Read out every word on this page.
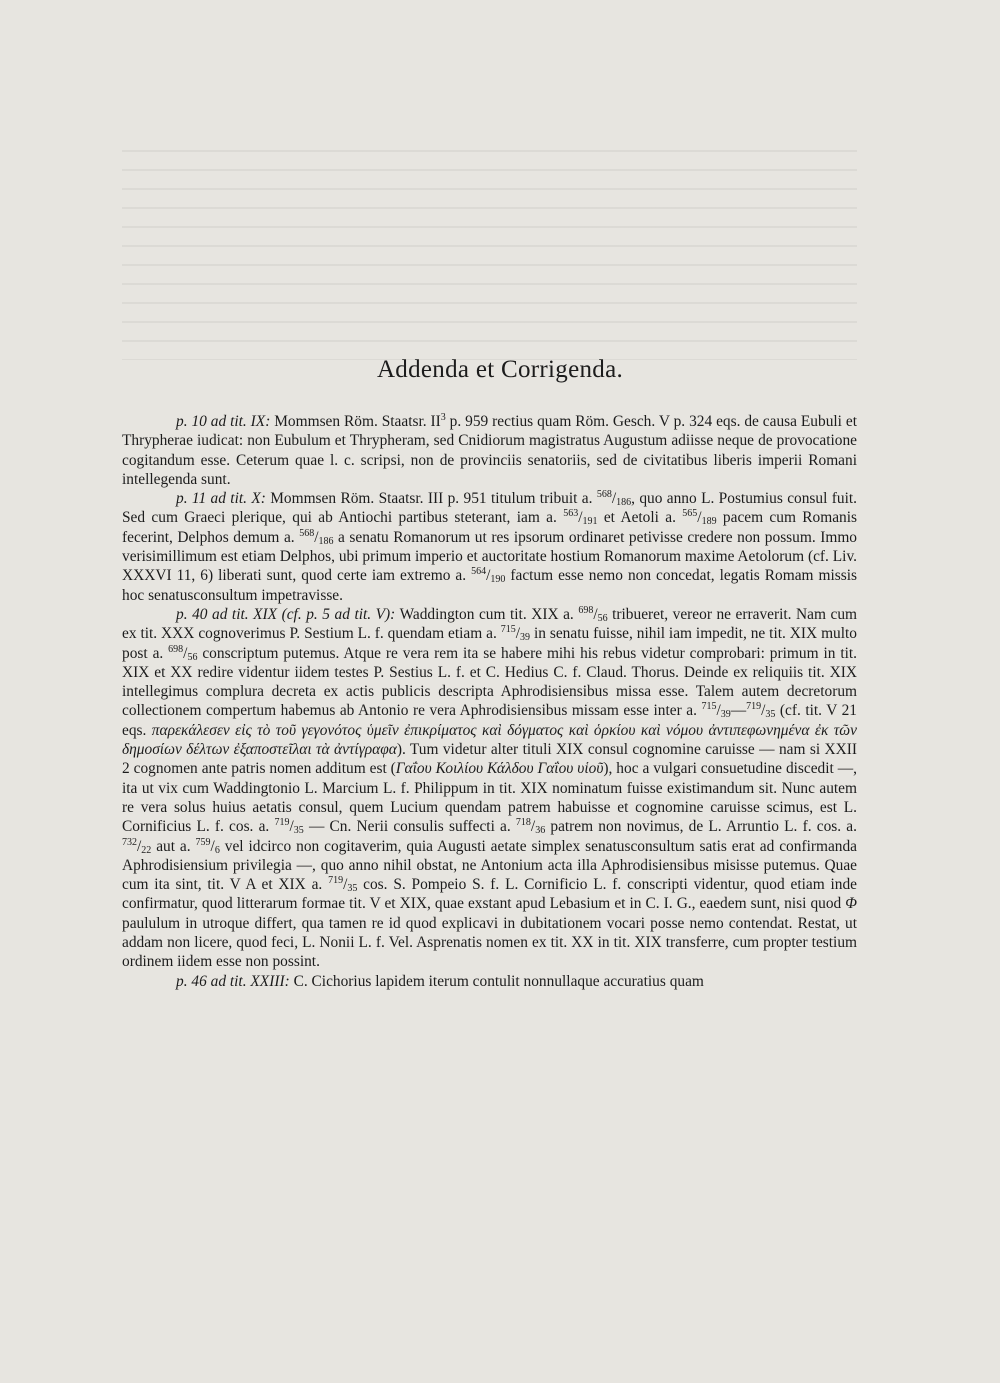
Addenda et Corrigenda.

p. 10 ad tit. IX: Mommsen Röm. Staatsr. $II^3$ p. 959 rectius quam Röm. Gesch. V p. 324 eqs. de causa Eubuli et Thrypherae iudicat: non Eubulum et Thrypheram, sed Cnidiorum magistratus Augustum adiisse neque de provocatione cogitandum esse. Ceterum quae l. c. scripsi, non de provinciis senatoriis, sed de civitatibus liberis imperii Romani intellegenda sunt.

p. 11 ad tit. X: Mommsen Röm. Staatsr. III p. 951 titulum tribuit a. $^{568}/_{186}$, quo anno L. Postumius consul fuit. Sed cum Graeci plerique, qui ab Antiochi partibus steterant, iam a. $^{563}/_{191}$ et Aetoli a. $^{565}/_{189}$ pacem cum Romanis fecerint, Delphos demum a. $^{568}/_{186}$ a senatu Romanorum ut res ipsorum ordinaret petivisse credere non possum. Immo verisimillimum est etiam Delphos, ubi primum imperio et auctoritate hostium Romanorum maxime Aetolorum (cf. Liv. XXXVI 11, 6) liberati sunt, quod certe iam extremo a. $^{564}/_{190}$ factum esse nemo non concedat, legatis Romam missis hoc senatusconsultum impetravisse.

p. 40 ad tit. XIX (cf. p. 5 ad tit. V): Waddington cum tit. XIX a. $^{698}/_{56}$ tribueret, vereor ne erraverit. Nam cum ex tit. XXX cognoverimus P. Sestium L. f. quendam etiam a. $^{715}/_{39}$ in senatu fuisse, nihil iam impedit, ne tit. XIX multo post a. $^{698}/_{56}$ conscriptum putemus. Atque re vera rem ita se habere mihi his rebus videtur comprobari: primum in tit. XIX et XX redire videntur iidem testes P. Sestius L. f. et C. Hedius C. f. Claud. Thorus. Deinde ex reliquiis tit. XIX intellegimus complura decreta ex actis publicis descripta Aphrodisiensibus missa esse. Talem autem decretorum collectionem compertum habemus ab Antonio re vera Aphrodisiensibus missam esse inter a. $^{715}/_{39}—^{719}/_{35}$ (cf. tit. V 21 eqs. παρεκάλεσεν εἰς τὸ τοῦ γεγονότος ὑμεῖν ἐπικρίματος καὶ δόγματος καὶ ὁρκίου καὶ νόμου ἀντιπεφωνημένα ἐκ τῶν δημοσίων δέλτων ἐξαποστεῖλαι τὰ ἀντίγραφα). Tum videtur alter tituli XIX consul cognomine caruisse — nam si XXII 2 cognomen ante patris nomen additum est (Γαΐου Κοιλίου Κάλδου Γαΐου υἱοῦ), hoc a vulgari consuetudine discedit —, ita ut vix cum Waddingtonio L. Marcium L. f. Philippum in tit. XIX nominatum fuisse existimandum sit. Nunc autem re vera solus huius aetatis consul, quem Lucium quendam patrem habuisse et cognomine caruisse scimus, est L. Cornificius L. f. cos. a. $^{719}/_{35}$ — Cn. Nerii consulis suffecti a. $^{718}/_{36}$ patrem non novimus, de L. Arruntio L. f. cos. a. $^{732}/_{22}$ aut a. $^{759}/_6$ vel idcirco non cogitaverim, quia Augusti aetate simplex senatusconsultum satis erat ad confirmanda Aphrodisiensium privilegia —, quo anno nihil obstat, ne Antonium acta illa Aphrodisiensibus misisse putemus. Quae cum ita sint, tit. V A et XIX a. $^{719}/_{35}$ cos. S. Pompeio S. f. L. Cornificio L. f. conscripti videntur, quod etiam inde confirmatur, quod litterarum formae tit. V et XIX, quae exstant apud Lebasium et in C. I. G., eaedem sunt, nisi quod Φ paululum in utroque differt, qua tamen re id quod explicavi in dubitationem vocari posse nemo contendat. Restat, ut addam non licere, quod feci, L. Nonii L. f. Vel. Asprenatis nomen ex tit. XX in tit. XIX transferre, cum propter testium ordinem iidem esse non possint.

p. 46 ad tit. XXIII: C. Cichorius lapidem iterum contulit nonnullaque accuratius quam
